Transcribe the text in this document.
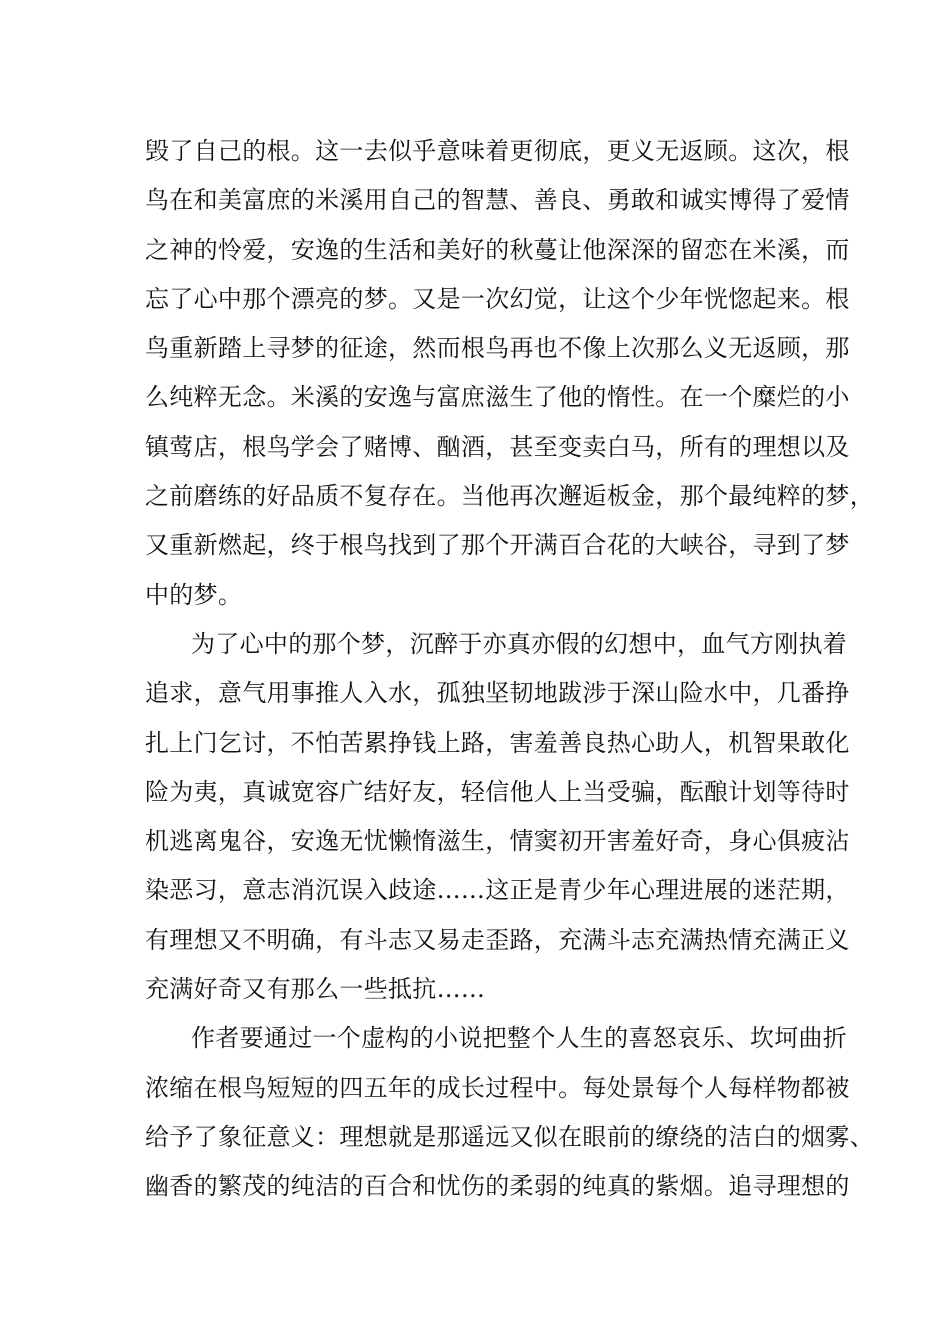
毁了自己的根。这一去似乎意味着更彻底，更义无返顾。这次，根
鸟在和美富庶的米溪用自己的智慧、善良、勇敢和诚实博得了爱情
之神的怜爱，安逸的生活和美好的秋蔓让他深深的留恋在米溪，而
忘了心中那个漂亮的梦。又是一次幻觉，让这个少年恍惚起来。根
鸟重新踏上寻梦的征途，然而根鸟再也不像上次那么义无返顾，那
么纯粹无念。米溪的安逸与富庶滋生了他的惰性。在一个糜烂的小
镇莺店，根鸟学会了赌博、酗酒，甚至变卖白马，所有的理想以及
之前磨练的好品质不复存在。当他再次邂逅板金，那个最纯粹的梦，
又重新燃起，终于根鸟找到了那个开满百合花的大峡谷，寻到了梦
中的梦。
为了心中的那个梦，沉醉于亦真亦假的幻想中，血气方刚执着
追求，意气用事推人入水，孤独坚韧地跋涉于深山险水中，几番挣
扎上门乞讨，不怕苦累挣钱上路，害羞善良热心助人，机智果敢化
险为夷，真诚宽容广结好友，轻信他人上当受骗，酝酿计划等待时
机逃离鬼谷，安逸无忧懒惰滋生，情窦初开害羞好奇，身心俱疲沾
染恶习，意志消沉误入歧途……这正是青少年心理进展的迷茫期，
有理想又不明确，有斗志又易走歪路，充满斗志充满热情充满正义
充满好奇又有那么一些抵抗……
作者要通过一个虚构的小说把整个人生的喜怒哀乐、坎坷曲折
浓缩在根鸟短短的四五年的成长过程中。每处景每个人每样物都被
给予了象征意义：理想就是那遥远又似在眼前的缭绕的洁白的烟雾、
幽香的繁茂的纯洁的百合和忧伤的柔弱的纯真的紫烟。追寻理想的
